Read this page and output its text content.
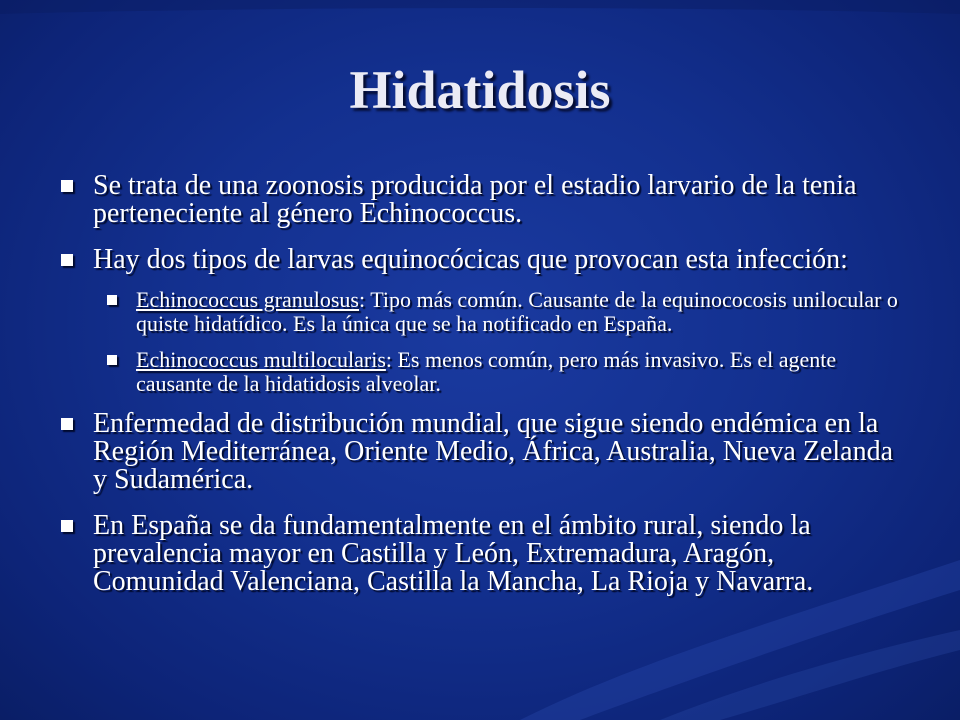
Hidatidosis
Se trata de una zoonosis producida por el estadio larvario de la tenia perteneciente al género Echinococcus.
Hay dos tipos de larvas equinocócicas que provocan esta infección:
Echinococcus granulosus: Tipo más común. Causante de la equinococosis unilocular o quiste hidatídico. Es la única que se ha notificado en España.
Echinococcus multilocularis: Es menos común, pero más invasivo. Es el agente causante de la hidatidosis alveolar.
Enfermedad de distribución mundial, que sigue siendo endémica en la Región Mediterránea, Oriente Medio, África, Australia, Nueva Zelanda y Sudamérica.
En España se da fundamentalmente en el ámbito rural, siendo la prevalencia mayor en Castilla y León, Extremadura, Aragón, Comunidad Valenciana, Castilla la Mancha, La Rioja y Navarra.
